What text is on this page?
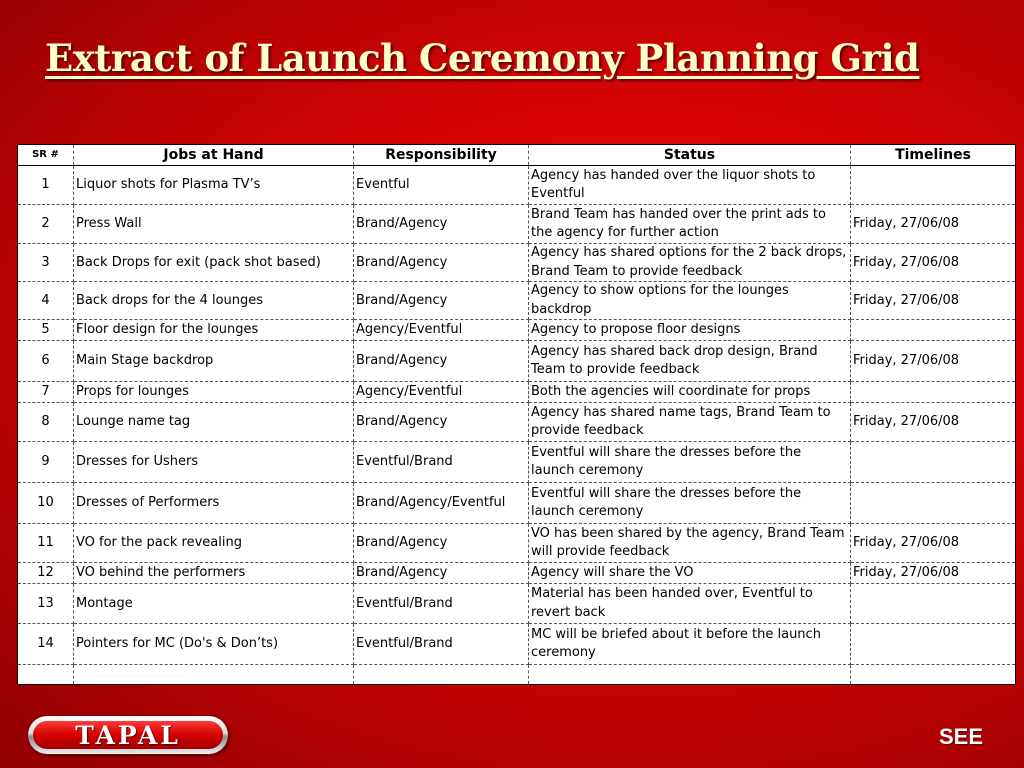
Extract of Launch Ceremony Planning Grid
SR #	Jobs at Hand	Responsibility	Status	Timelines
1	Liquor shots for Plasma TV’s	Eventful	Agency has handed over the liquor shots to Eventful	
2	Press Wall	Brand/Agency	Brand Team has handed over the print ads to the agency for further action	Friday, 27/06/08
3	Back Drops for exit (pack shot based)	Brand/Agency	Agency has shared options for the 2 back drops, Brand Team to provide feedback	Friday, 27/06/08
4	Back drops for the 4 lounges	Brand/Agency	Agency to show options for the lounges backdrop	Friday, 27/06/08
5	Floor design for the lounges	Agency/Eventful	Agency to propose floor designs	
6	Main Stage backdrop	Brand/Agency	Agency has shared back drop design, Brand Team to provide feedback	Friday, 27/06/08
7	Props for lounges	Agency/Eventful	Both the agencies will coordinate for props	
8	Lounge name tag	Brand/Agency	Agency has shared name tags, Brand Team to provide feedback	Friday, 27/06/08
9	Dresses for Ushers	Eventful/Brand	Eventful will share the dresses before the launch ceremony	
10	Dresses of Performers	Brand/Agency/Eventful	Eventful will share the dresses before the launch ceremony	
11	VO for the pack revealing	Brand/Agency	VO has been shared by the agency, Brand Team will provide feedback	Friday, 27/06/08
12	VO behind the performers	Brand/Agency	Agency will share the VO	Friday, 27/06/08
13	Montage	Eventful/Brand	Material has been handed over, Eventful to revert back	
14	Pointers for MC (Do's & Don’ts)	Eventful/Brand	MC will be briefed about it before the launch ceremony	

TAPAL	SEE
